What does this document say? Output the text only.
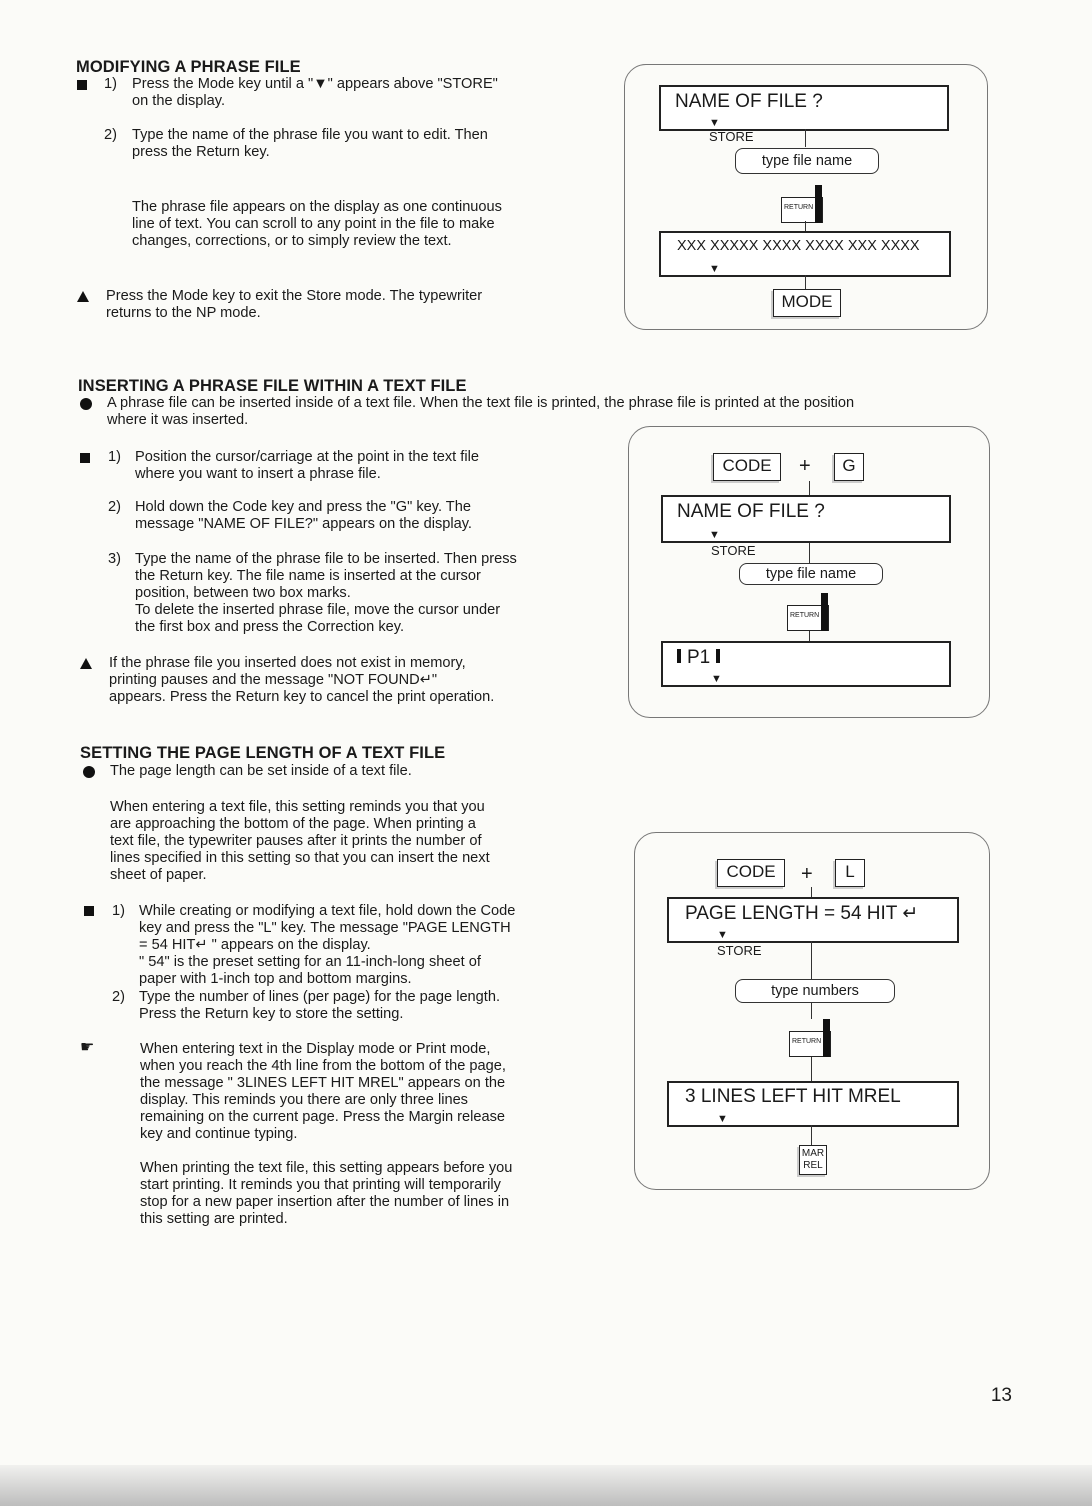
MODIFYING A PHRASE FILE
1) Press the Mode key until a "▼" appears above "STORE"
on the display.
2) Type the name of the phrase file you want to edit. Then
press the Return key.
The phrase file appears on the display as one continuous
line of text. You can scroll to any point in the file to make
changes, corrections, or to simply review the text.
Press the Mode key to exit the Store mode. The typewriter
returns to the NP mode.
NAME OF FILE ?
▼
STORE
type file name
RETURN
XXX XXXXX XXXX XXXX XXX XXXX
▼
MODE
INSERTING A PHRASE FILE WITHIN A TEXT FILE
A phrase file can be inserted inside of a text file. When the text file is printed, the phrase file is printed at the position
where it was inserted.
1) Position the cursor/carriage at the point in the text file
where you want to insert a phrase file.
2) Hold down the Code key and press the "G" key. The
message "NAME OF FILE?" appears on the display.
3) Type the name of the phrase file to be inserted. Then press
the Return key. The file name is inserted at the cursor
position, between two box marks.
To delete the inserted phrase file, move the cursor under
the first box and press the Correction key.
If the phrase file you inserted does not exist in memory,
printing pauses and the message "NOT FOUND↵"
appears. Press the Return key to cancel the print operation.
CODE	+	G
NAME OF FILE ?
▼
STORE
type file name
RETURN
P1
▼
SETTING THE PAGE LENGTH OF A TEXT FILE
The page length can be set inside of a text file.
When entering a text file, this setting reminds you that you
are approaching the bottom of the page. When printing a
text file, the typewriter pauses after it prints the number of
lines specified in this setting so that you can insert the next
sheet of paper.
1) While creating or modifying a text file, hold down the Code
key and press the "L" key. The message "PAGE LENGTH
= 54 HIT↵ " appears on the display.
" 54" is the preset setting for an 11-inch-long sheet of
paper with 1-inch top and bottom margins.
2) Type the number of lines (per page) for the page length.
Press the Return key to store the setting.
☛	When entering text in the Display mode or Print mode,
when you reach the 4th line from the bottom of the page,
the message " 3LINES LEFT HIT MREL" appears on the
display. This reminds you there are only three lines
remaining on the current page. Press the Margin release
key and continue typing.
When printing the text file, this setting appears before you
start printing. It reminds you that printing will temporarily
stop for a new paper insertion after the number of lines in
this setting are printed.
CODE	+	L
PAGE LENGTH = 54 HIT ↵
▼
STORE
type numbers
RETURN
3 LINES LEFT HIT MREL
▼
MAR
REL
13
